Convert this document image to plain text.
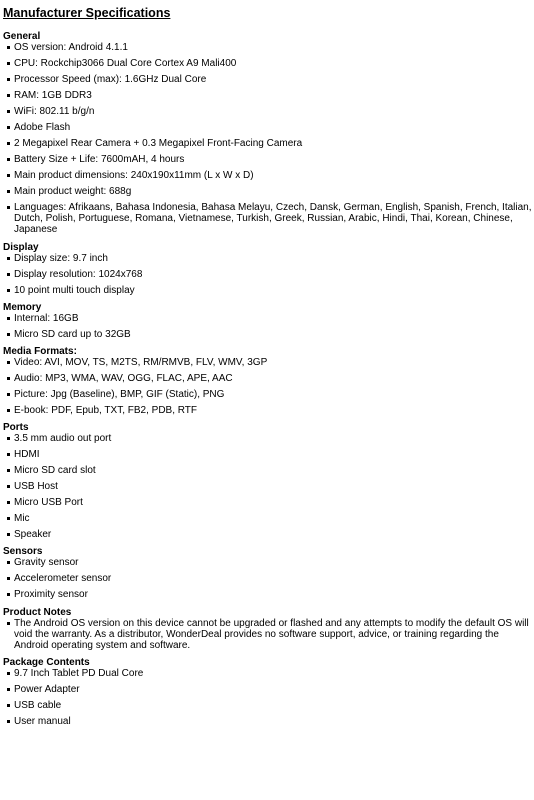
Manufacturer Specifications
General
OS version: Android 4.1.1
CPU: Rockchip3066 Dual Core Cortex A9 Mali400
Processor Speed (max): 1.6GHz Dual Core
RAM: 1GB DDR3
WiFi: 802.11 b/g/n
Adobe Flash
2 Megapixel Rear Camera + 0.3 Megapixel Front-Facing Camera
Battery Size + Life: 7600mAH, 4 hours
Main product dimensions: 240x190x11mm (L x W x D)
Main product weight: 688g
Languages: Afrikaans, Bahasa Indonesia, Bahasa Melayu, Czech, Dansk, German, English, Spanish, French, Italian, Dutch, Polish, Portuguese, Romana, Vietnamese, Turkish, Greek, Russian, Arabic, Hindi, Thai, Korean, Chinese, Japanese
Display
Display size: 9.7 inch
Display resolution: 1024x768
10 point multi touch display
Memory
Internal: 16GB
Micro SD card up to 32GB
Media Formats:
Video: AVI, MOV, TS, M2TS, RM/RMVB, FLV, WMV, 3GP
Audio: MP3, WMA, WAV, OGG, FLAC, APE, AAC
Picture: Jpg (Baseline), BMP, GIF (Static), PNG
E-book: PDF, Epub, TXT, FB2, PDB, RTF
Ports
3.5 mm audio out port
HDMI
Micro SD card slot
USB Host
Micro USB Port
Mic
Speaker
Sensors
Gravity sensor
Accelerometer sensor
Proximity sensor
Product Notes
The Android OS version on this device cannot be upgraded or flashed and any attempts to modify the default OS will void the warranty. As a distributor, WonderDeal provides no software support, advice, or training regarding the Android operating system and software.
Package Contents
9.7 Inch Tablet PD Dual Core
Power Adapter
USB cable
User manual
